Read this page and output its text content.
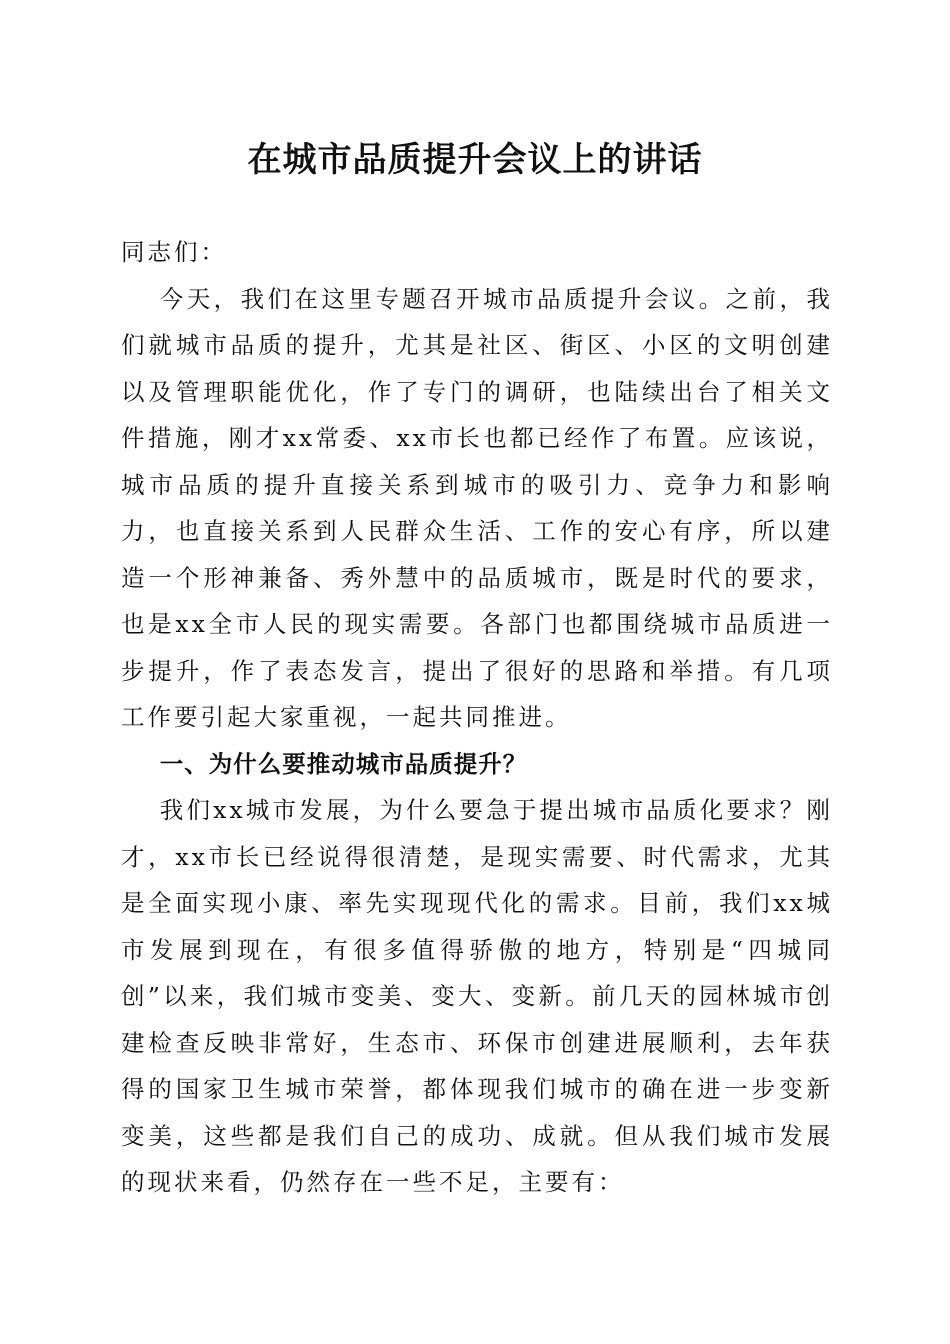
在城市品质提升会议上的讲话

同志们：

今天，我们在这里专题召开城市品质提升会议。之前，我们就城市品质的提升，尤其是社区、街区、小区的文明创建以及管理职能优化，作了专门的调研，也陆续出台了相关文件措施，刚才xx常委、xx市长也都已经作了布置。应该说，城市品质的提升直接关系到城市的吸引力、竞争力和影响力，也直接关系到人民群众生活、工作的安心有序，所以建造一个形神兼备、秀外慧中的品质城市，既是时代的要求，也是xx全市人民的现实需要。各部门也都围绕城市品质进一步提升，作了表态发言，提出了很好的思路和举措。有几项工作要引起大家重视，一起共同推进。

一、为什么要推动城市品质提升？

我们xx城市发展，为什么要急于提出城市品质化要求？刚才，xx市长已经说得很清楚，是现实需要、时代需求，尤其是全面实现小康、率先实现现代化的需求。目前，我们xx城市发展到现在，有很多值得骄傲的地方，特别是“四城同创”以来，我们城市变美、变大、变新。前几天的园林城市创建检查反映非常好，生态市、环保市创建进展顺利，去年获得的国家卫生城市荣誉，都体现我们城市的确在进一步变新变美，这些都是我们自己的成功、成就。但从我们城市发展的现状来看，仍然存在一些不足，主要有：
